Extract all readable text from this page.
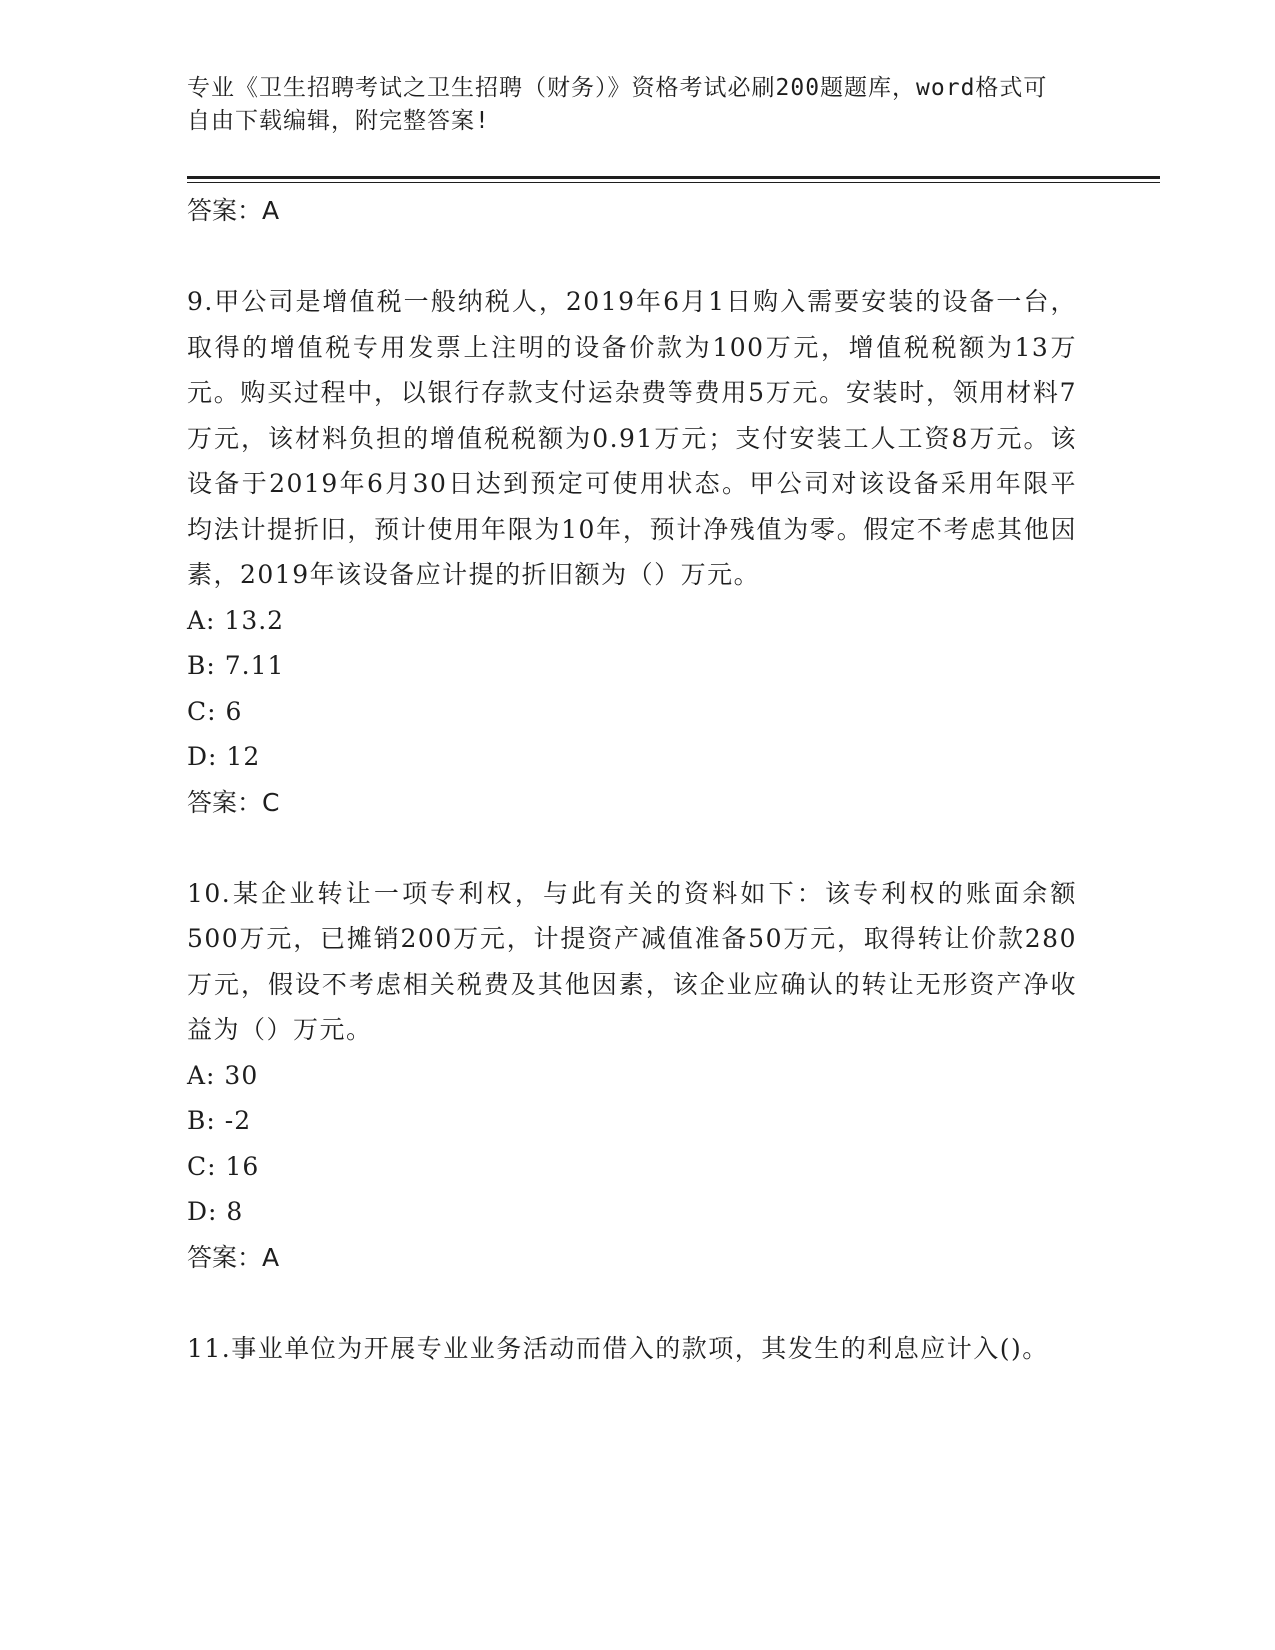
专业《卫生招聘考试之卫生招聘（财务）》资格考试必刷200题题库，word格式可自由下载编辑，附完整答案!
答案：A
9.甲公司是增值税一般纳税人，2019年6月1日购入需要安装的设备一台，取得的增值税专用发票上注明的设备价款为100万元，增值税税额为13万元。购买过程中，以银行存款支付运杂费等费用5万元。安装时，领用材料7万元，该材料负担的增值税税额为0.91万元；支付安装工人工资8万元。该设备于2019年6月30日达到预定可使用状态。甲公司对该设备采用年限平均法计提折旧，预计使用年限为10年，预计净残值为零。假定不考虑其他因素，2019年该设备应计提的折旧额为（）万元。
A: 13.2
B: 7.11
C: 6
D: 12
答案：C
10.某企业转让一项专利权，与此有关的资料如下：该专利权的账面余额500万元，已摊销200万元，计提资产减值准备50万元，取得转让价款280万元，假设不考虑相关税费及其他因素，该企业应确认的转让无形资产净收益为（）万元。
A: 30
B: -2
C: 16
D: 8
答案：A
11.事业单位为开展专业业务活动而借入的款项，其发生的利息应计入()。
